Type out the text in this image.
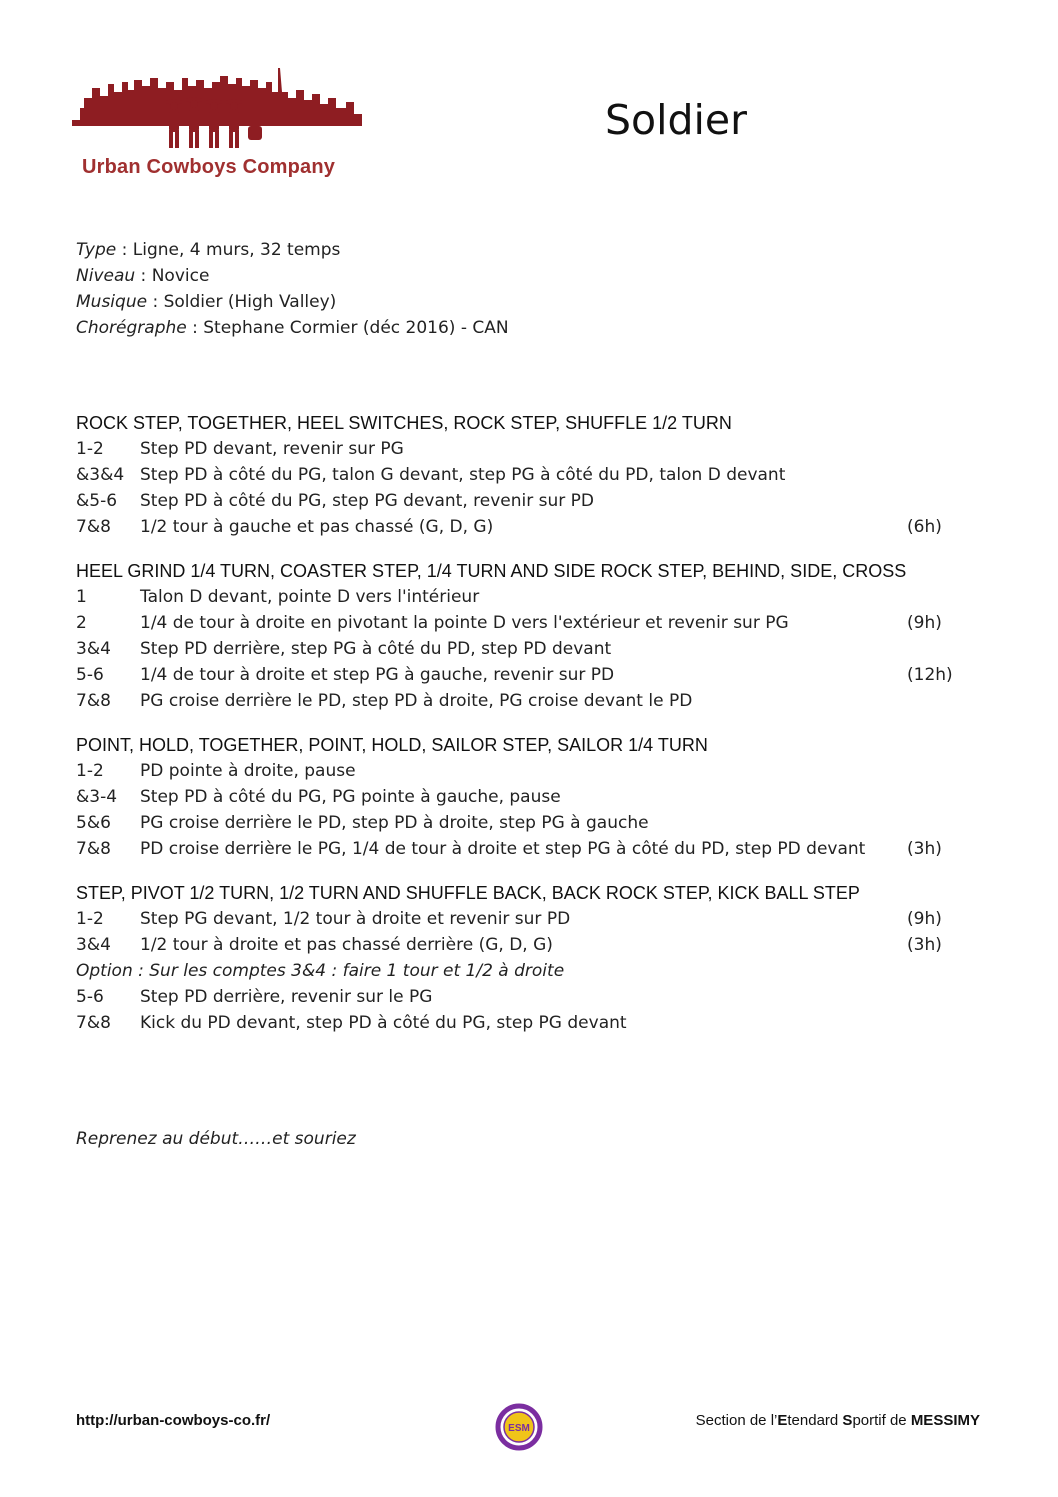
Urban Cowboys Company
Soldier
Type : Ligne, 4 murs, 32 temps
Niveau : Novice
Musique : Soldier (High Valley)
Chorégraphe : Stephane Cormier (déc 2016) - CAN
ROCK STEP, TOGETHER, HEEL SWITCHES, ROCK STEP, SHUFFLE 1/2 TURN
1-2	Step PD devant, revenir sur PG
&3&4 Step PD à côté du PG, talon G devant, step PG à côté du PD, talon D devant
&5-6	Step PD à côté du PG, step PG devant, revenir sur PD
7&8	1/2 tour à gauche et pas chassé (G, D, G)	(6h)
HEEL GRIND 1/4 TURN, COASTER STEP, 1/4 TURN AND SIDE ROCK STEP, BEHIND, SIDE, CROSS
1	Talon D devant, pointe D vers l'intérieur
2	1/4 de tour à droite en pivotant la pointe D vers l'extérieur et revenir sur PG	(9h)
3&4	Step PD derrière, step PG à côté du PD, step PD devant
5-6	1/4 de tour à droite et step PG à gauche, revenir sur PD	(12h)
7&8	PG croise derrière le PD, step PD à droite, PG croise devant le PD
POINT, HOLD, TOGETHER, POINT, HOLD, SAILOR STEP, SAILOR 1/4 TURN
1-2	PD pointe à droite, pause
&3-4	Step PD à côté du PG, PG pointe à gauche, pause
5&6	PG croise derrière le PD, step PD à droite, step PG à gauche
7&8	PD croise derrière le PG, 1/4 de tour à droite et step PG à côté du PD, step PD devant (3h)
STEP, PIVOT 1/2 TURN, 1/2 TURN AND SHUFFLE BACK, BACK ROCK STEP, KICK BALL STEP
1-2	Step PG devant, 1/2 tour à droite et revenir sur PD	(9h)
3&4	1/2 tour à droite et pas chassé derrière (G, D, G)	(3h)
Option : Sur les comptes 3&4 : faire 1 tour et 1/2 à droite
5-6	Step PD derrière, revenir sur le PG
7&8	Kick du PD devant, step PD à côté du PG, step PG devant
Reprenez au début……et souriez
http://urban-cowboys-co.fr/	ESM	Section de l’Etendard Sportif de MESSIMY
